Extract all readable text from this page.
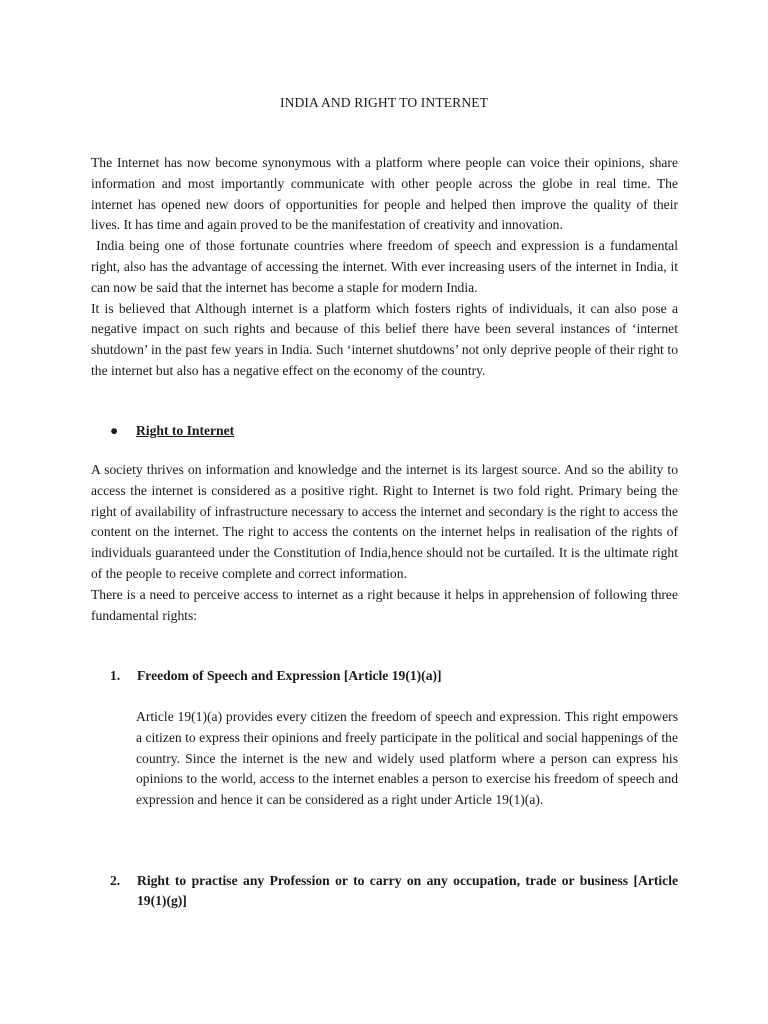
INDIA AND RIGHT TO INTERNET

The Internet has now become synonymous with a platform where people can voice their opinions, share information and most importantly communicate with other people across the globe in real time. The internet has opened new doors of opportunities for people and helped then improve the quality of their lives. It has time and again proved to be the manifestation of creativity and innovation.

India being one of those fortunate countries where freedom of speech and expression is a fundamental right, also has the advantage of accessing the internet. With ever increasing users of the internet in India, it can now be said that the internet has become a staple for modern India.

It is believed that Although internet is a platform which fosters rights of individuals, it can also pose a negative impact on such rights and because of this belief there have been several instances of ‘internet shutdown’ in the past few years in India. Such ‘internet shutdowns’ not only deprive people of their right to the internet but also has a negative effect on the economy of the country.

● Right to Internet

A society thrives on information and knowledge and the internet is its largest source. And so the ability to access the internet is considered as a positive right. Right to Internet is two fold right. Primary being the right of availability of infrastructure necessary to access the internet and secondary is the right to access the content on the internet. The right to access the contents on the internet helps in realisation of the rights of individuals guaranteed under the Constitution of India,hence should not be curtailed. It is the ultimate right of the people to receive complete and correct information.

There is a need to perceive access to internet as a right because it helps in apprehension of following three fundamental rights:

1. Freedom of Speech and Expression [Article 19(1)(a)]

Article 19(1)(a) provides every citizen the freedom of speech and expression. This right empowers a citizen to express their opinions and freely participate in the political and social happenings of the country. Since the internet is the new and widely used platform where a person can express his opinions to the world, access to the internet enables a person to exercise his freedom of speech and expression and hence it can be considered as a right under Article 19(1)(a).

2.	Right to practise any Profession or to carry on any occupation, trade or business [Article 19(1)(g)]
